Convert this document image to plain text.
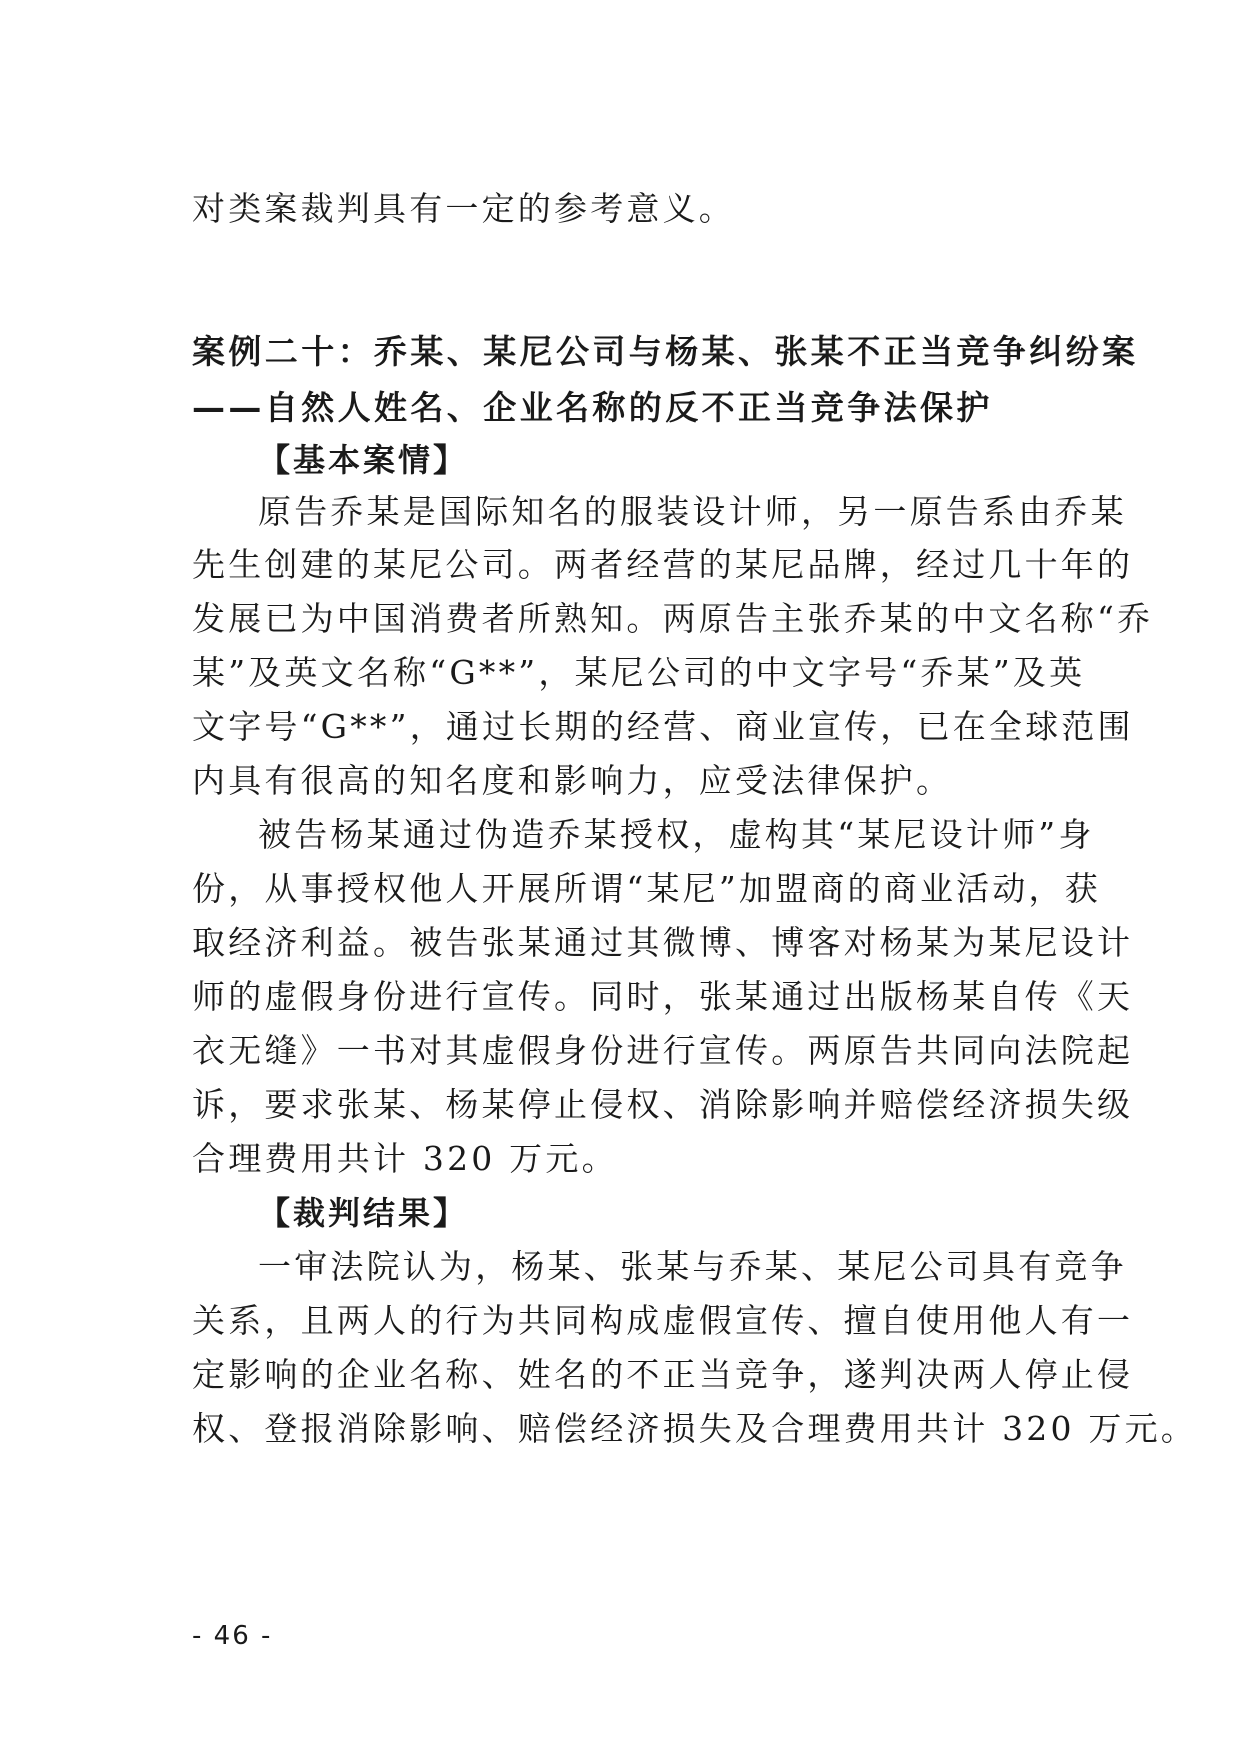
对类案裁判具有一定的参考意义。
案例二十：乔某、某尼公司与杨某、张某不正当竞争纠纷案
——自然人姓名、企业名称的反不正当竞争法保护
【基本案情】
原告乔某是国际知名的服装设计师，另一原告系由乔某
先生创建的某尼公司。两者经营的某尼品牌，经过几十年的
发展已为中国消费者所熟知。两原告主张乔某的中文名称“乔
某”及英文名称“G**”，某尼公司的中文字号“乔某”及英
文字号“G**”，通过长期的经营、商业宣传，已在全球范围
内具有很高的知名度和影响力，应受法律保护。
被告杨某通过伪造乔某授权，虚构其“某尼设计师”身
份，从事授权他人开展所谓“某尼”加盟商的商业活动，获
取经济利益。被告张某通过其微博、博客对杨某为某尼设计
师的虚假身份进行宣传。同时，张某通过出版杨某自传《天
衣无缝》一书对其虚假身份进行宣传。两原告共同向法院起
诉，要求张某、杨某停止侵权、消除影响并赔偿经济损失级
合理费用共计 320 万元。
【裁判结果】
一审法院认为，杨某、张某与乔某、某尼公司具有竞争
关系，且两人的行为共同构成虚假宣传、擅自使用他人有一
定影响的企业名称、姓名的不正当竞争，遂判决两人停止侵
权、登报消除影响、赔偿经济损失及合理费用共计 320 万元。
- 46 -
